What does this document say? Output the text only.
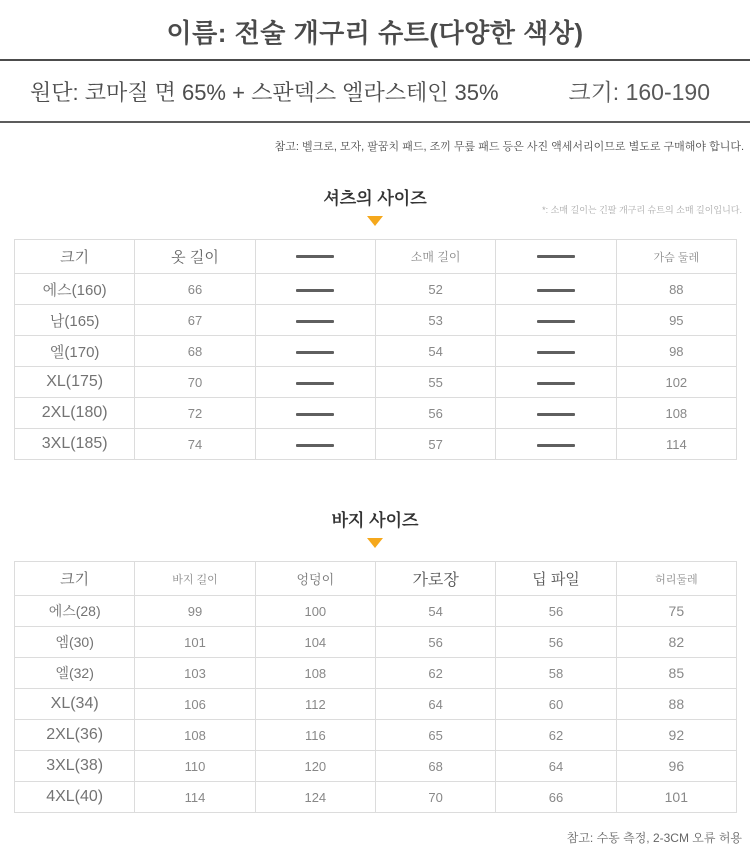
이름: 전술 개구리 슈트(다양한 색상)
원단: 코마질 면 65% + 스판덱스 엘라스테인 35%	크기: 160-190
참고: 벨크로, 모자, 팔꿈치 패드, 조끼 무릎 패드 등은 사진 액세서리이므로 별도로 구매해야 합니다.
셔츠의 사이즈
*: 소매 길이는 긴팔 개구리 슈트의 소매 길이입니다.
크기	옷 길이		소매 길이		가슴 둘레
에스(160)	66		52		88
남(165)	67		53		95
엘(170)	68		54		98
XL(175)	70		55		102
2XL(180)	72		56		108
3XL(185)	74		57		114
바지 사이즈
크기	바지 길이	엉덩이	가로장	딥 파일	허리둘레
에스(28)	99	100	54	56	75
엠(30)	101	104	56	56	82
엘(32)	103	108	62	58	85
XL(34)	106	112	64	60	88
2XL(36)	108	116	65	62	92
3XL(38)	110	120	68	64	96
4XL(40)	114	124	70	66	101
참고: 수동 측정, 2-3CM 오류 허용
